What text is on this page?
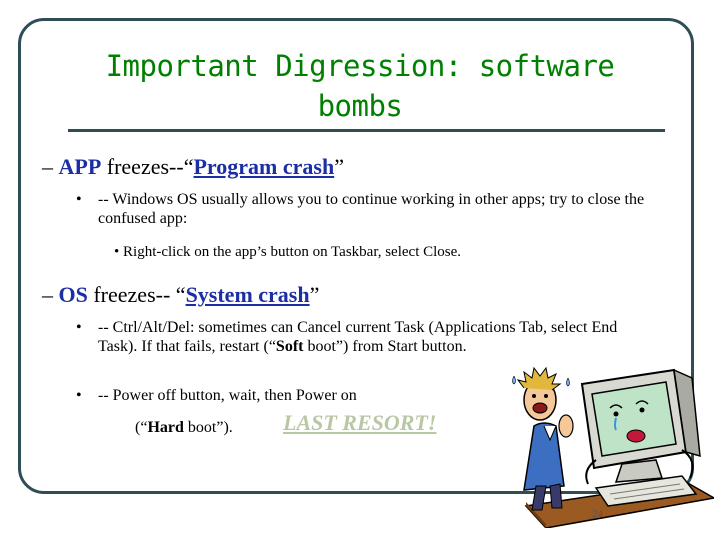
Important Digression: software
bombs
– APP freezes--“Program crash”
• -- Windows OS usually allows you to continue working in other apps; try to close the confused app:
• Right-click on the app’s button on Taskbar, select Close.
– OS freezes-- “System crash”
• -- Ctrl/Alt/Del: sometimes can Cancel current Task (Applications Tab, select End Task). If that fails, restart (“Soft boot”) from Start button.
• -- Power off button, wait, then Power on
(“Hard boot”).	LAST RESORT!
24
